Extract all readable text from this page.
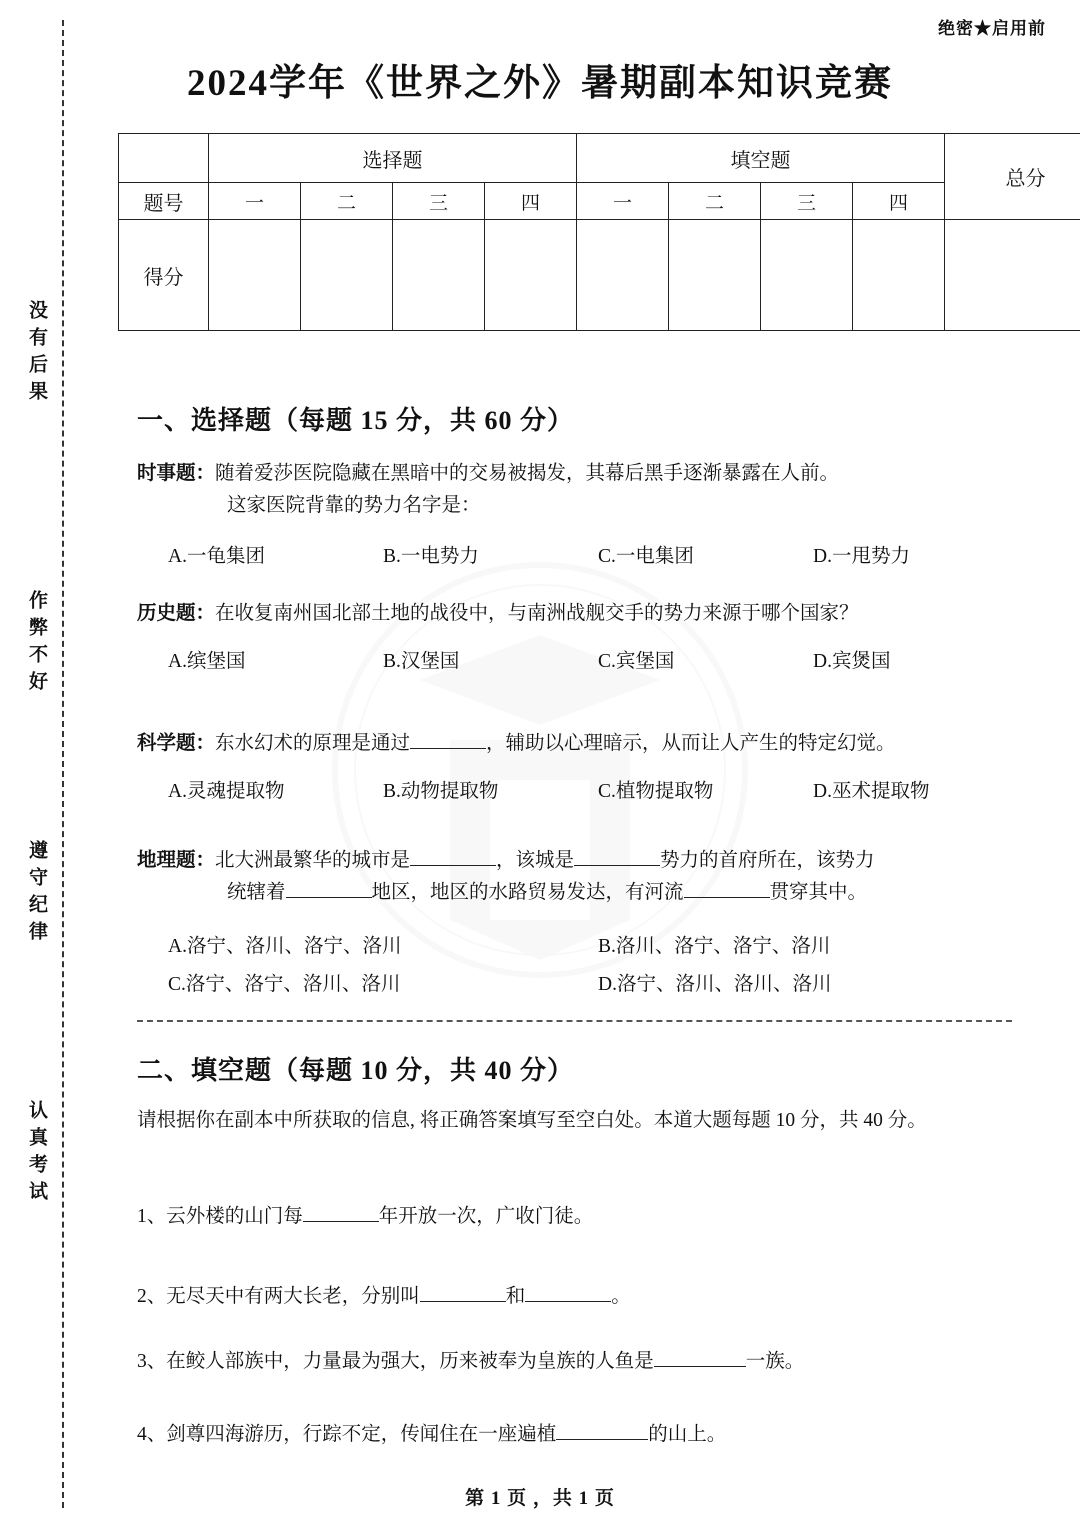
绝密★启用前
没有后果
作弊不好
遵守纪律
认真考试
2024学年《世界之外》暑期副本知识竞赛
	选择题				填空题				总分
题号	一	二	三	四	一	二	三	四	
得分									
一、选择题（每题 15 分，共 60 分）
时事题：随着爱莎医院隐藏在黑暗中的交易被揭发，其幕后黑手逐渐暴露在人前。
这家医院背靠的势力名字是：
A.一龟集团	B.一电势力	C.一电集团	D.一甩势力
历史题：在收复南州国北部土地的战役中，与南洲战舰交手的势力来源于哪个国家？
A.缤堡国	B.汉堡国	C.宾堡国	D.宾煲国
科学题：东水幻术的原理是通过	，辅助以心理暗示，从而让人产生的特定幻觉。
A.灵魂提取物	B.动物提取物	C.植物提取物	D.巫术提取物
地理题：北大洲最繁华的城市是	，该城是	势力的首府所在，该势力
统辖着	地区，地区的水路贸易发达，有河流	贯穿其中。
A.洛宁、洛川、洛宁、洛川	B.洛川、洛宁、洛宁、洛川
C.洛宁、洛宁、洛川、洛川	D.洛宁、洛川、洛川、洛川
二、填空题（每题 10 分，共 40 分）
请根据你在副本中所获取的信息, 将正确答案填写至空白处。本道大题每题 10 分，共 40 分。
1、云外楼的山门每	年开放一次，广收门徒。
2、无尽天中有两大长老，分别叫	和	。
3、在鲛人部族中，力量最为强大，历来被奉为皇族的人鱼是	一族。
4、剑尊四海游历，行踪不定，传闻住在一座遍植	的山上。
第 1 页 ，共 1 页
